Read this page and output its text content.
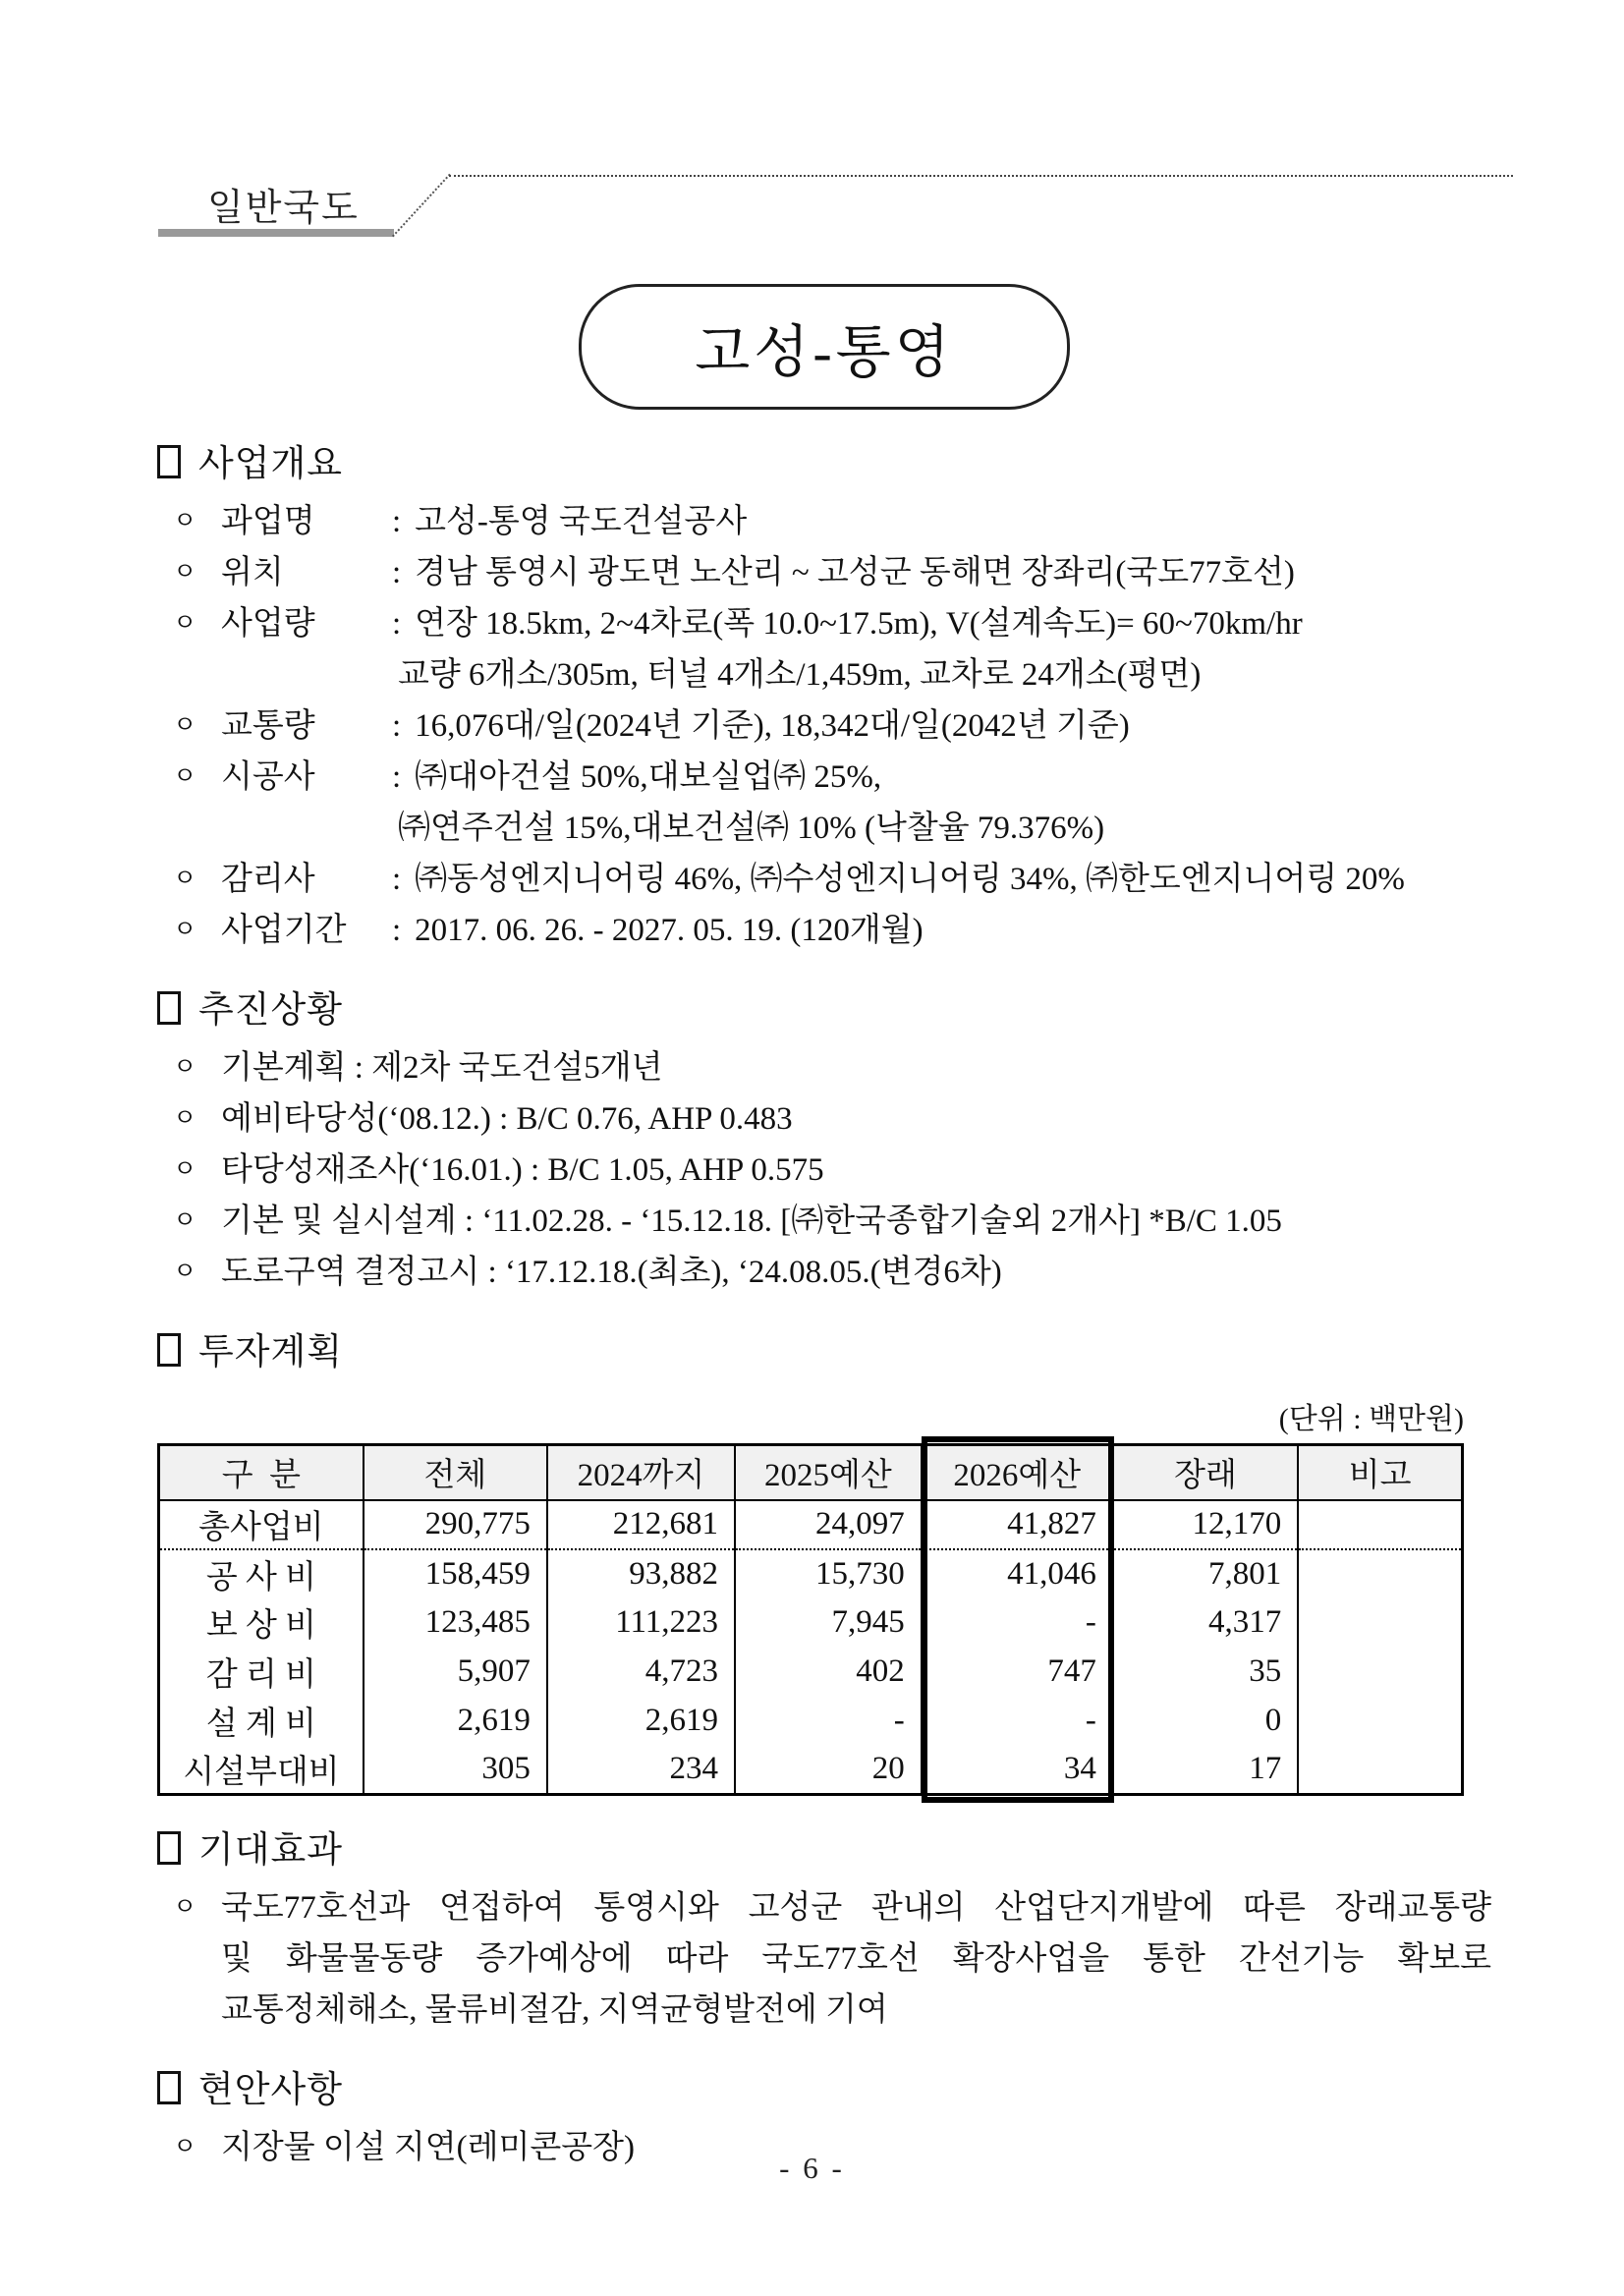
일반국도
고성-통영
사업개요
ㅇ 과업명 : 고성-통영 국도건설공사
ㅇ 위치	: 경남 통영시 광도면 노산리 ~ 고성군 동해면 장좌리(국도77호선)
ㅇ 사업량 : 연장 18.5km, 2~4차로(폭 10.0~17.5m), V(설계속도)= 60~70km/hr
교량 6개소/305m, 터널 4개소/1,459m, 교차로 24개소(평면)
ㅇ 교통량 : 16,076대/일(2024년 기준), 18,342대/일(2042년 기준)
ㅇ 시공사 : ㈜대아건설 50%,대보실업㈜ 25%,
㈜연주건설 15%,대보건설㈜ 10% (낙찰율 79.376%)
ㅇ 감리사 : ㈜동성엔지니어링 46%, ㈜수성엔지니어링 34%, ㈜한도엔지니어링 20%
ㅇ 사업기간 : 2017. 06. 26. - 2027. 05. 19. (120개월)
추진상황
ㅇ 기본계획 : 제2차 국도건설5개년
ㅇ 예비타당성(‘08.12.) : B/C 0.76, AHP 0.483
ㅇ 타당성재조사(‘16.01.) : B/C 1.05, AHP 0.575
ㅇ 기본 및 실시설계 : ‘11.02.28. - ‘15.12.18. [㈜한국종합기술외 2개사] *B/C 1.05
ㅇ 도로구역 결정고시 : ‘17.12.18.(최초), ‘24.08.05.(변경6차)
투자계획
(단위 : 백만원)
구  분	전체	2024까지	2025예산	2026예산	장래	비고
총사업비	290,775	212,681	24,097	41,827	12,170	
공 사 비	158,459	93,882	15,730	41,046	7,801	
보 상 비	123,485	111,223	7,945	-	4,317	
감 리 비	5,907	4,723	402	747	35	
설 계 비	2,619	2,619	-	-	0	
시설부대비	305	234	20	34	17	
기대효과
ㅇ 국도77호선과 연접하여 통영시와 고성군 관내의 산업단지개발에 따른 장래교통량
및 화물물동량 증가예상에 따라 국도77호선 확장사업을 통한 간선기능 확보로
교통정체해소, 물류비절감, 지역균형발전에 기여
현안사항
ㅇ 지장물 이설 지연(레미콘공장)
- 6 -
